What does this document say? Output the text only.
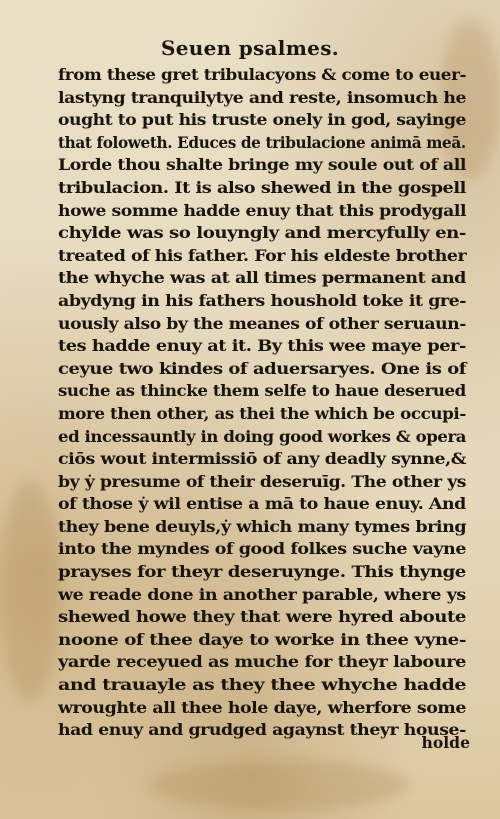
Seuen psalmes.
from these gret tribulacyons & come to euer-
lastyng tranquilytye and reste, insomuch he
ought to put his truste onely in god, sayinge
that foloweth. Educes de tribulacione animā meā.
Lorde thou shalte bringe my soule out of all
tribulacion. It is also shewed in the gospell
howe somme hadde enuy that this prodygall
chylde was so louyngly and mercyfully en-
treated of his father. For his eldeste brother
the whyche was at all times permanent and
abydyng in his fathers houshold toke it gre-
uously also by the meanes of other seruaun-
tes hadde enuy at it. By this wee maye per-
ceyue two kindes of aduersaryes. One is of
suche as thincke them selfe to haue deserued
more then other, as thei the which be occupi-
ed incessauntly in doing good workes & opera
ciōs wout intermissiō of any deadly synne,&
by ẏ presume of their deseruīg. The other ys
of those ẏ wil entise a mā to haue enuy. And
they bene deuyls,ẏ which many tymes bring
into the myndes of good folkes suche vayne
prayses for theyr deseruynge. This thynge
we reade done in another parable, where ys
shewed howe they that were hyred aboute
noone of thee daye to worke in thee vyne-
yarde receyued as muche for theyr laboure
and trauayle as they thee whyche hadde
wroughte all thee hole daye, wherfore some
had enuy and grudged agaynst theyr house-
holde
